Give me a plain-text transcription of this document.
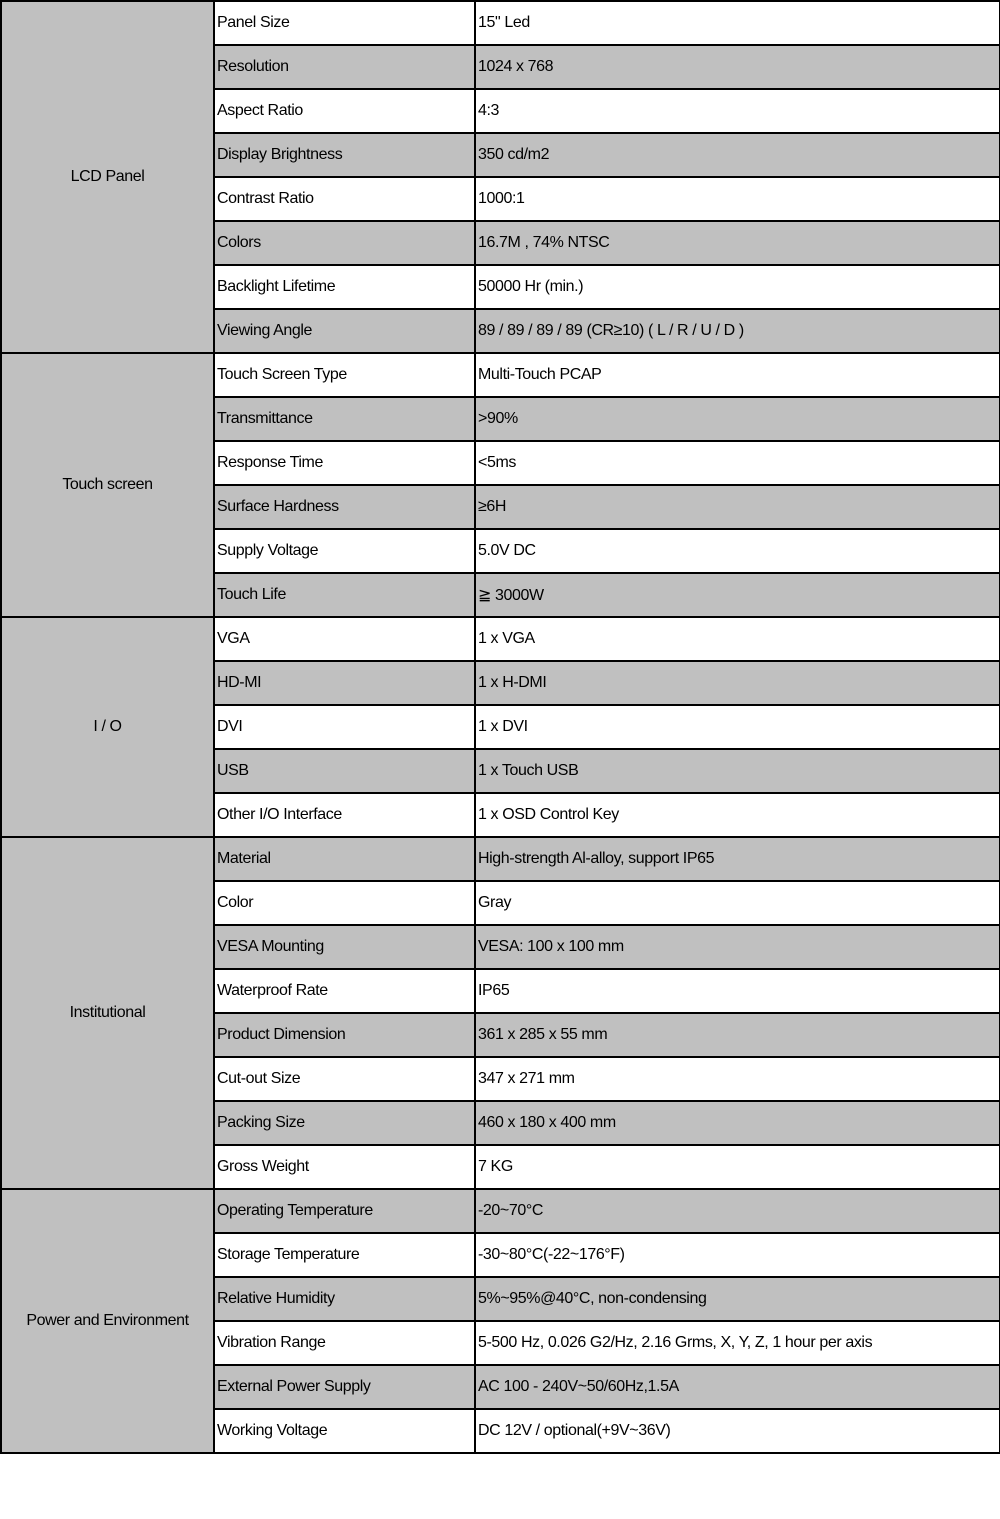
LCD Panel	Panel Size	15" Led
	Resolution	1024 x 768
	Aspect Ratio	4:3
	Display Brightness	350 cd/m2
	Contrast Ratio	1000:1
	Colors	16.7M , 74% NTSC
	Backlight Lifetime	50000 Hr (min.)
	Viewing Angle	89 / 89 / 89 / 89 (CR≥10) ( L / R / U / D )
Touch screen	Touch Screen Type	Multi-Touch PCAP
	Transmittance	>90%
	Response Time	<5ms
	Surface Hardness	≥6H
	Supply Voltage	5.0V DC
	Touch Life	≧ 3000W
I / O	VGA	1 x VGA
	HD-MI	1 x H-DMI
	DVI	1 x DVI
	USB	1 x Touch USB
	Other I/O Interface	1 x OSD Control Key
Institutional	Material	High-strength Al-alloy, support IP65
	Color	Gray
	VESA Mounting	VESA: 100 x 100 mm
	Waterproof Rate	IP65
	Product Dimension	361 x 285 x 55 mm
	Cut-out Size	347 x 271 mm
	Packing Size	460 x 180 x 400 mm
	Gross Weight	7 KG
Power and Environment	Operating Temperature	-20~70°C
	Storage Temperature	-30~80°C(-22~176°F)
	Relative Humidity	5%~95%@40°C, non-condensing
	Vibration Range	5-500 Hz, 0.026 G2/Hz, 2.16 Grms, X, Y, Z, 1 hour per axis
	External Power Supply	AC 100 - 240V~50/60Hz,1.5A
	Working Voltage	DC 12V / optional(+9V~36V)
